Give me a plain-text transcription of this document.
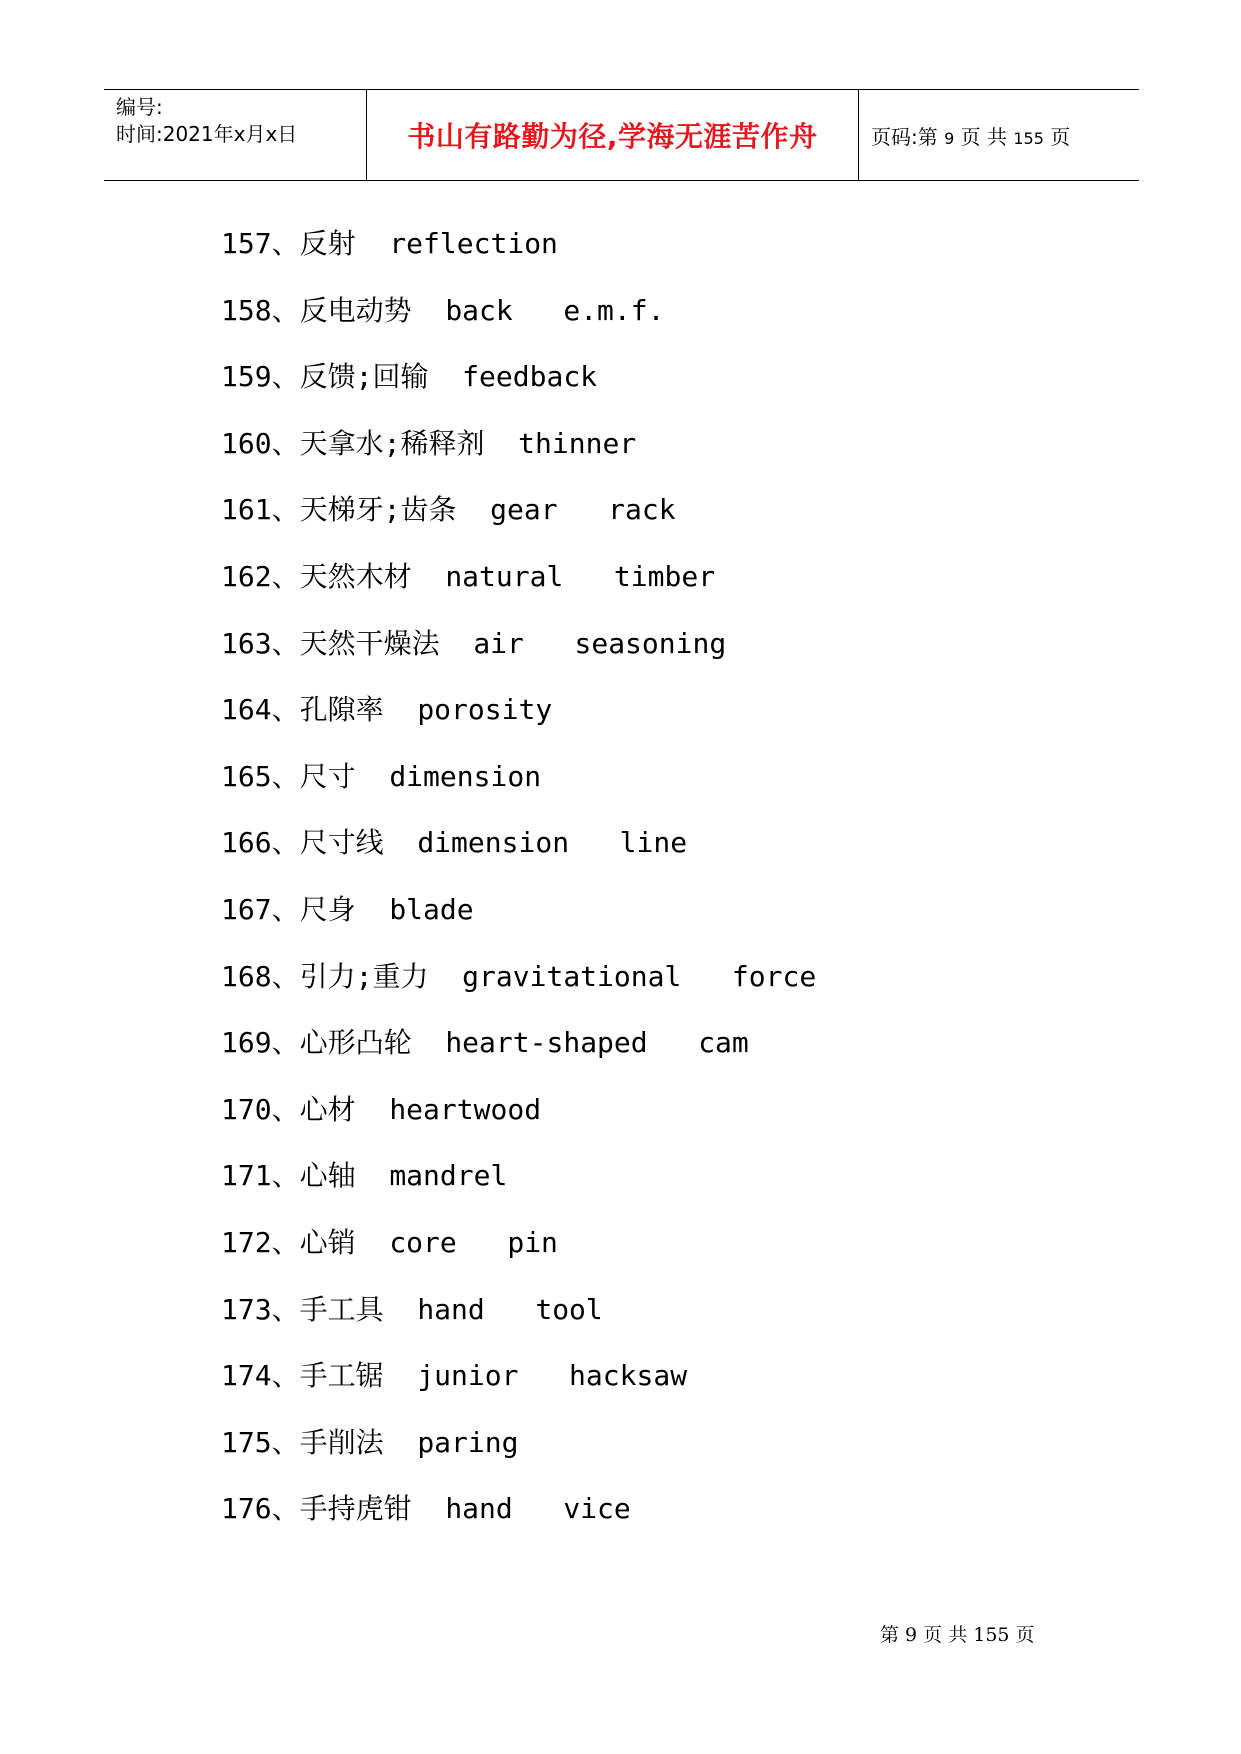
编号:
时间:2021年x月x日	书山有路勤为径,学海无涯苦作舟	页码:第 9 页 共 155 页
157、反射 reflection
158、反电动势 back   e.m.f.
159、反馈;回输 feedback
160、天拿水;稀释剂 thinner
161、天梯牙;齿条 gear   rack
162、天然木材 natural   timber
163、天然干燥法 air   seasoning
164、孔隙率 porosity
165、尺寸 dimension
166、尺寸线 dimension   line
167、尺身 blade
168、引力;重力 gravitational   force
169、心形凸轮 heart-shaped   cam
170、心材 heartwood
171、心轴 mandrel
172、心销 core   pin
173、手工具 hand   tool
174、手工锯 junior   hacksaw
175、手削法 paring
176、手持虎钳 hand   vice
第 9 页 共 155 页
